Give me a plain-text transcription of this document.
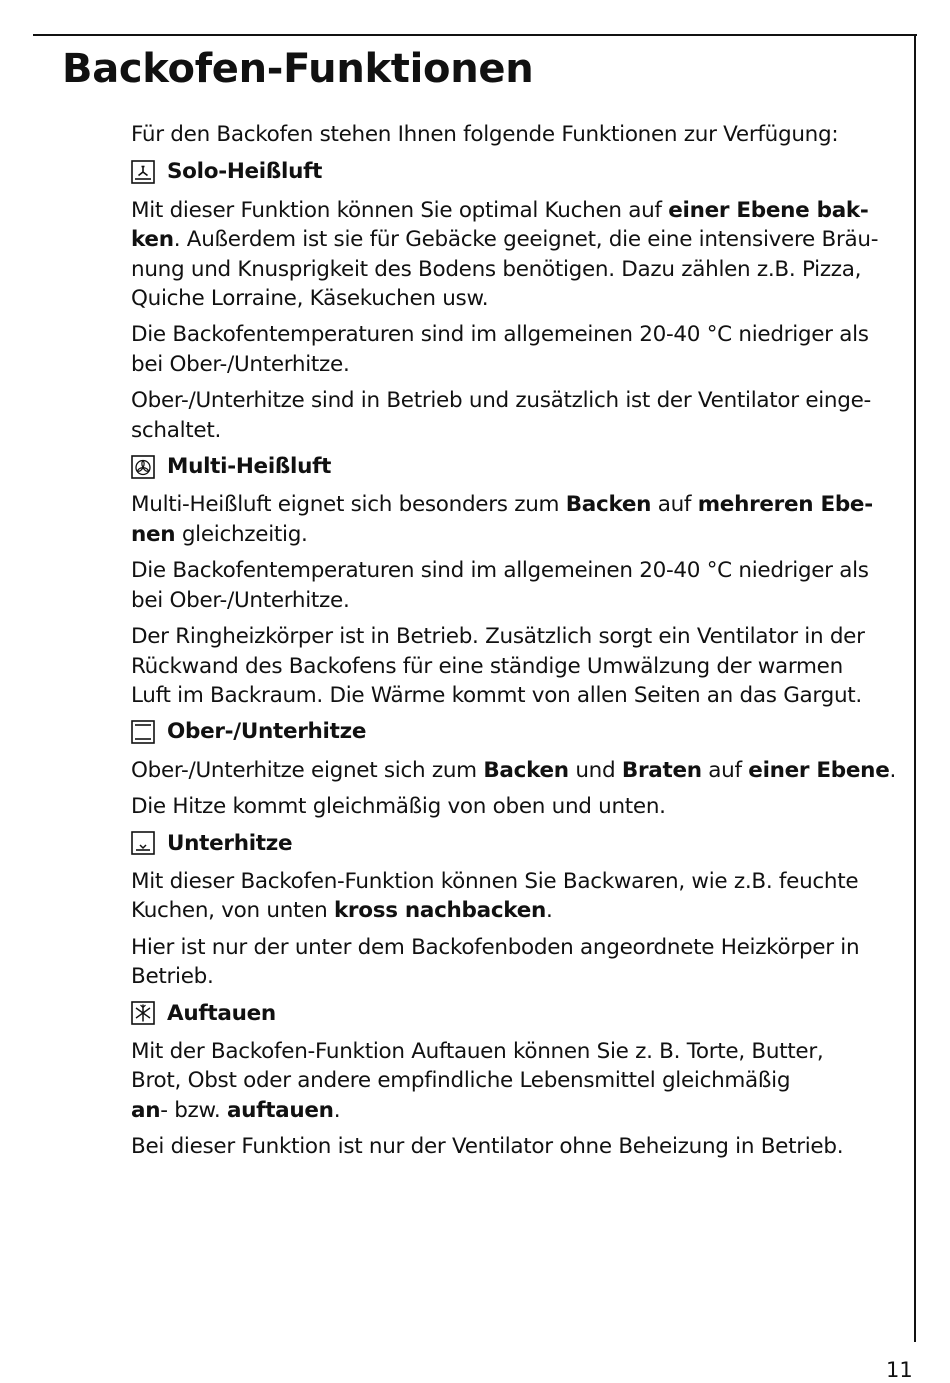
Backofen-Funktionen

Für den Backofen stehen Ihnen folgende Funktionen zur Verfügung:

Solo-Heißluft

Mit dieser Funktion können Sie optimal Kuchen auf einer Ebene bak-
ken. Außerdem ist sie für Gebäcke geeignet, die eine intensivere Bräu-
nung und Knusprigkeit des Bodens benötigen. Dazu zählen z.B. Pizza,
Quiche Lorraine, Käsekuchen usw.

Die Backofentemperaturen sind im allgemeinen 20-40 °C niedriger als
bei Ober-/Unterhitze.

Ober-/Unterhitze sind in Betrieb und zusätzlich ist der Ventilator einge-
schaltet.

Multi-Heißluft

Multi-Heißluft eignet sich besonders zum Backen auf mehreren Ebe-
nen gleichzeitig.

Die Backofentemperaturen sind im allgemeinen 20-40 °C niedriger als
bei Ober-/Unterhitze.

Der Ringheizkörper ist in Betrieb. Zusätzlich sorgt ein Ventilator in der
Rückwand des Backofens für eine ständige Umwälzung der warmen
Luft im Backraum. Die Wärme kommt von allen Seiten an das Gargut.

Ober-/Unterhitze

Ober-/Unterhitze eignet sich zum Backen und Braten auf einer Ebene.

Die Hitze kommt gleichmäßig von oben und unten.

Unterhitze

Mit dieser Backofen-Funktion können Sie Backwaren, wie z.B. feuchte
Kuchen, von unten kross nachbacken.

Hier ist nur der unter dem Backofenboden angeordnete Heizkörper in
Betrieb.

Auftauen

Mit der Backofen-Funktion Auftauen können Sie z. B. Torte, Butter,
Brot, Obst oder andere empfindliche Lebensmittel gleichmäßig
an- bzw. auftauen.

Bei dieser Funktion ist nur der Ventilator ohne Beheizung in Betrieb.

11
